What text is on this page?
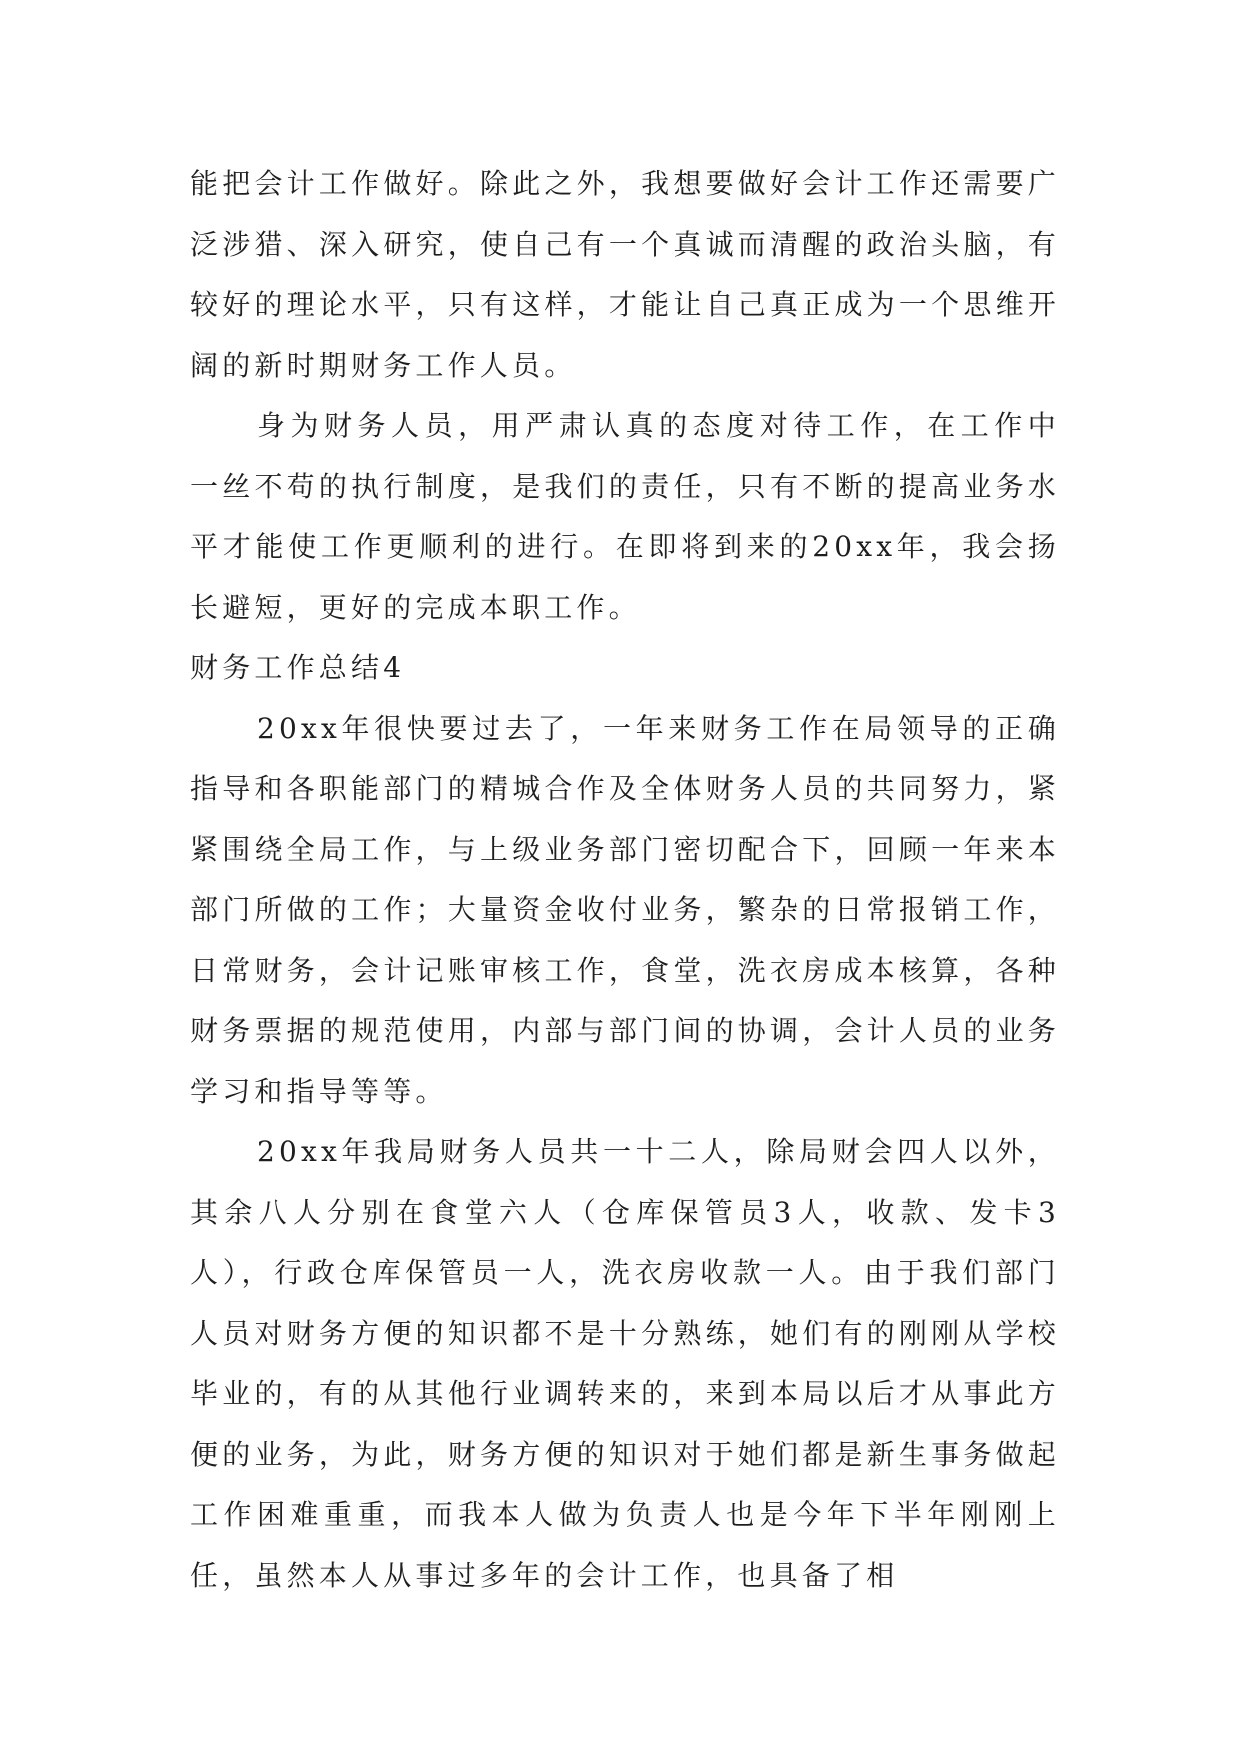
能把会计工作做好。除此之外，我想要做好会计工作还需要广泛涉猎、深入研究，使自己有一个真诚而清醒的政治头脑，有较好的理论水平，只有这样，才能让自己真正成为一个思维开阔的新时期财务工作人员。

身为财务人员，用严肃认真的态度对待工作，在工作中一丝不苟的执行制度，是我们的责任，只有不断的提高业务水平才能使工作更顺利的进行。在即将到来的20xx年，我会扬长避短，更好的完成本职工作。

财务工作总结4

20xx年很快要过去了，一年来财务工作在局领导的正确指导和各职能部门的精城合作及全体财务人员的共同努力，紧紧围绕全局工作，与上级业务部门密切配合下，回顾一年来本部门所做的工作；大量资金收付业务，繁杂的日常报销工作，日常财务，会计记账审核工作，食堂，洗衣房成本核算，各种财务票据的规范使用，内部与部门间的协调，会计人员的业务学习和指导等等。

20xx年我局财务人员共一十二人，除局财会四人以外，其余八人分别在食堂六人（仓库保管员3人，收款、发卡3人），行政仓库保管员一人，洗衣房收款一人。由于我们部门人员对财务方便的知识都不是十分熟练，她们有的刚刚从学校毕业的，有的从其他行业调转来的，来到本局以后才从事此方便的业务，为此，财务方便的知识对于她们都是新生事务做起工作困难重重，而我本人做为负责人也是今年下半年刚刚上任，虽然本人从事过多年的会计工作，也具备了相
